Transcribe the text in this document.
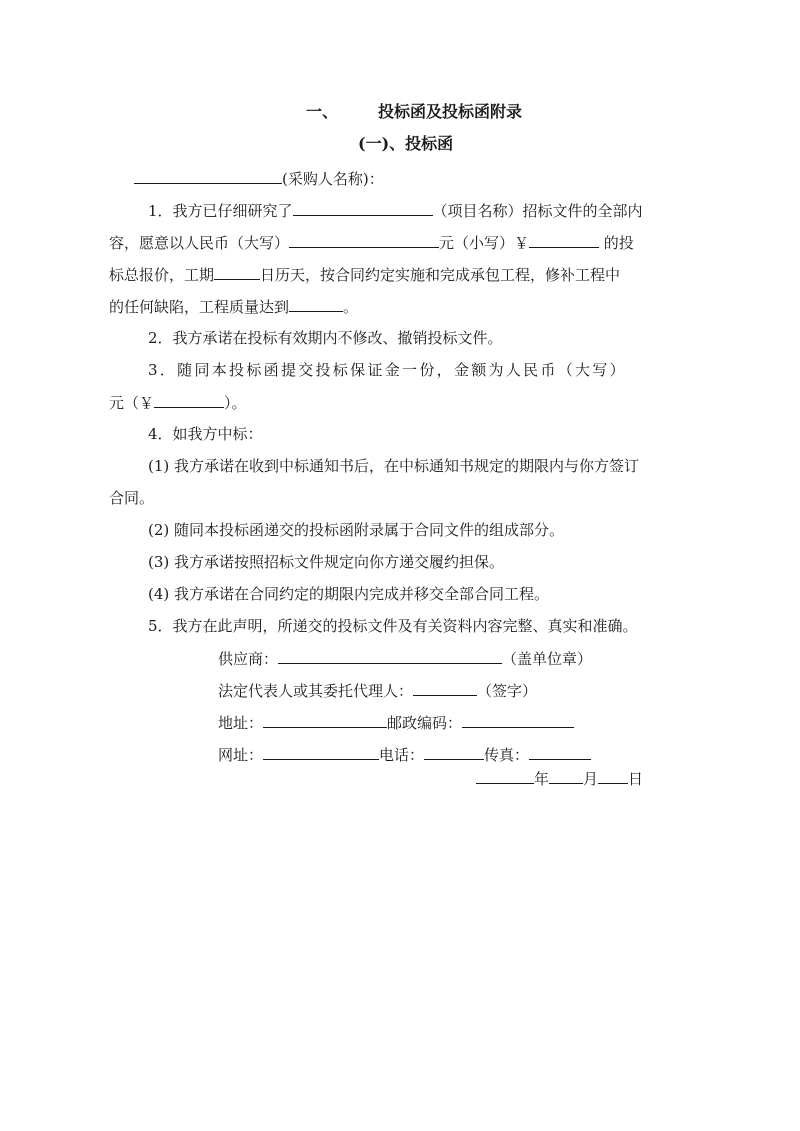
一、	投标函及投标函附录
(一)、投标函
(采购人名称)：
1．我方已仔细研究了	（项目名称）招标文件的全部内
容，愿意以人民币（大写）	元（小写）￥	的投
标总报价，工期	日历天，按合同约定实施和完成承包工程，修补工程中
的任何缺陷，工程质量达到	。
2．我方承诺在投标有效期内不修改、撤销投标文件。
3．随同本投标函提交投标保证金一份，金额为人民币（大写）
元（￥	）。
4．如我方中标：
(1) 我方承诺在收到中标通知书后，在中标通知书规定的期限内与你方签订
合同。
(2) 随同本投标函递交的投标函附录属于合同文件的组成部分。
(3) 我方承诺按照招标文件规定向你方递交履约担保。
(4) 我方承诺在合同约定的期限内完成并移交全部合同工程。
5．我方在此声明，所递交的投标文件及有关资料内容完整、真实和准确。
供应商：	（盖单位章）
法定代表人或其委托代理人：	（签字）
地址：	邮政编码：
网址：	电话：	传真：
年 月 日
